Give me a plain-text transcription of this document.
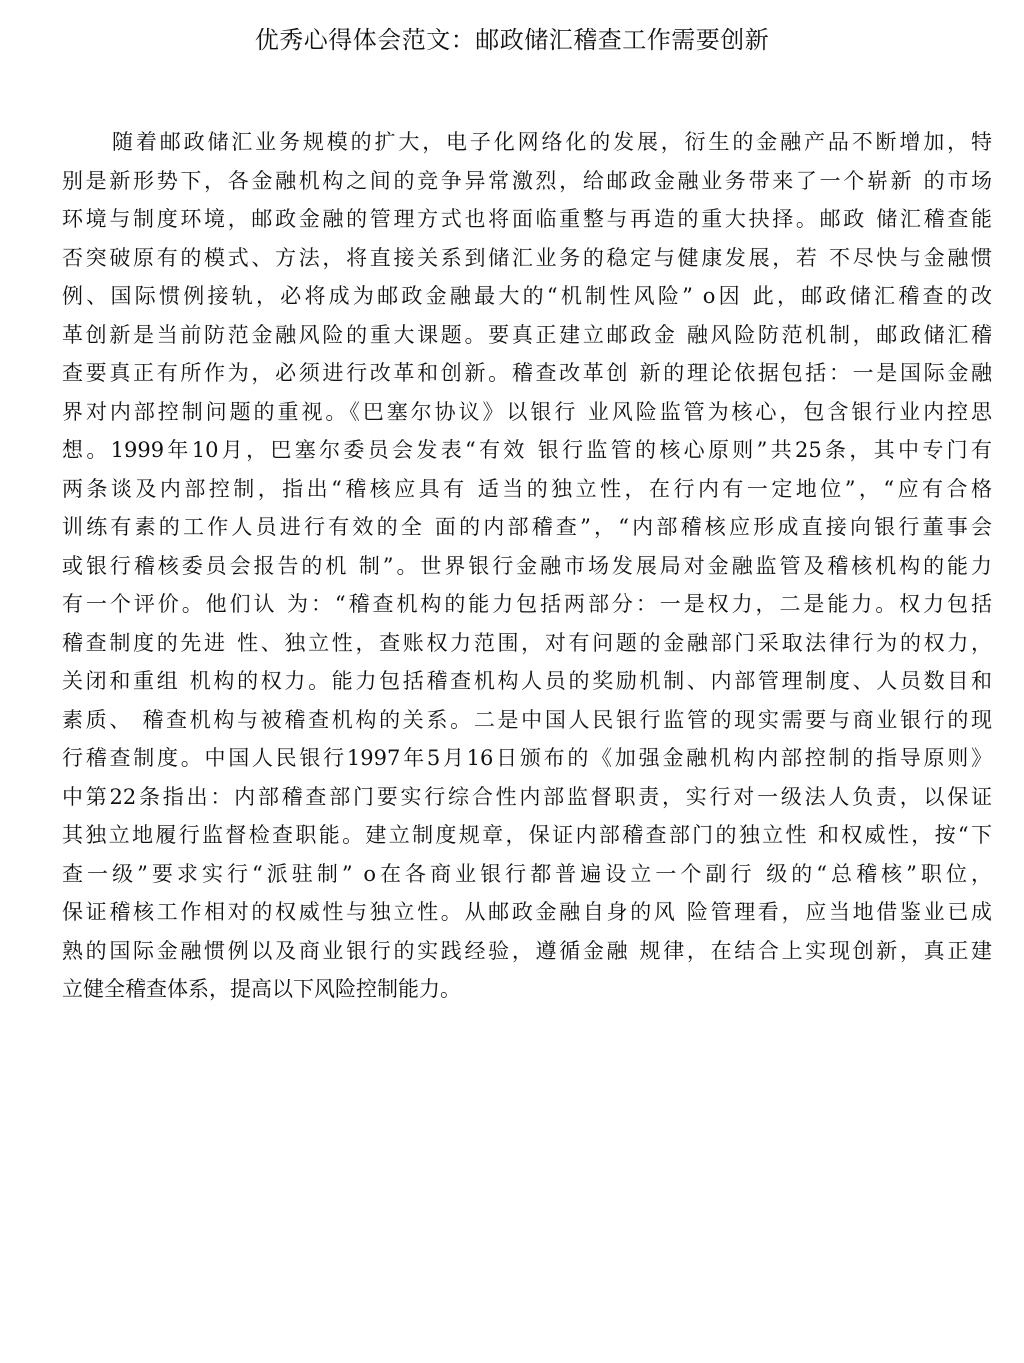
优秀心得体会范文：邮政储汇稽查工作需要创新
随着邮政储汇业务规模的扩大，电子化网络化的发展，衍生的金融产品不断增加，特
别是新形势下，各金融机构之间的竞争异常激烈，给邮政金融业务带来了一个崭新 的市场
环境与制度环境，邮政金融的管理方式也将面临重整与再造的重大抉择。邮政 储汇稽查能
否突破原有的模式、方法，将直接关系到储汇业务的稳定与健康发展，若 不尽快与金融惯
例、国际惯例接轨，必将成为邮政金融最大的“机制性风险” o因 此，邮政储汇稽查的改
革创新是当前防范金融风险的重大课题。要真正建立邮政金 融风险防范机制，邮政储汇稽
查要真正有所作为，必须进行改革和创新。稽查改革创 新的理论依据包括：一是国际金融
界对内部控制问题的重视。《巴塞尔协议》以银行 业风险监管为核心，包含银行业内控思
想。1999年10月，巴塞尔委员会发表“有效 银行监管的核心原则”共25条，其中专门有
两条谈及内部控制，指出“稽核应具有 适当的独立性，在行内有一定地位”，“应有合格
训练有素的工作人员进行有效的全 面的内部稽查”，“内部稽核应形成直接向银行董事会
或银行稽核委员会报告的机 制”。世界银行金融市场发展局对金融监管及稽核机构的能力
有一个评价。他们认 为：“稽查机构的能力包括两部分：一是权力，二是能力。权力包括
稽查制度的先进 性、独立性，查账权力范围，对有问题的金融部门采取法律行为的权力，
关闭和重组 机构的权力。能力包括稽查机构人员的奖励机制、内部管理制度、人员数目和
素质、 稽查机构与被稽查机构的关系。二是中国人民银行监管的现实需要与商业银行的现
行稽查制度。中国人民银行1997年5月16日颁布的《加强金融机构内部控制的指导原则》
中第22条指出：内部稽查部门要实行综合性内部监督职责，实行对一级法人负责，以保证
其独立地履行监督检查职能。建立制度规章，保证内部稽查部门的独立性 和权威性，按“下
查一级”要求实行“派驻制” o在各商业银行都普遍设立一个副行 级的“总稽核”职位，
保证稽核工作相对的权威性与独立性。从邮政金融自身的风 险管理看，应当地借鉴业已成
熟的国际金融惯例以及商业银行的实践经验，遵循金融 规律，在结合上实现创新，真正建
立健全稽查体系，提高以下风险控制能力。
